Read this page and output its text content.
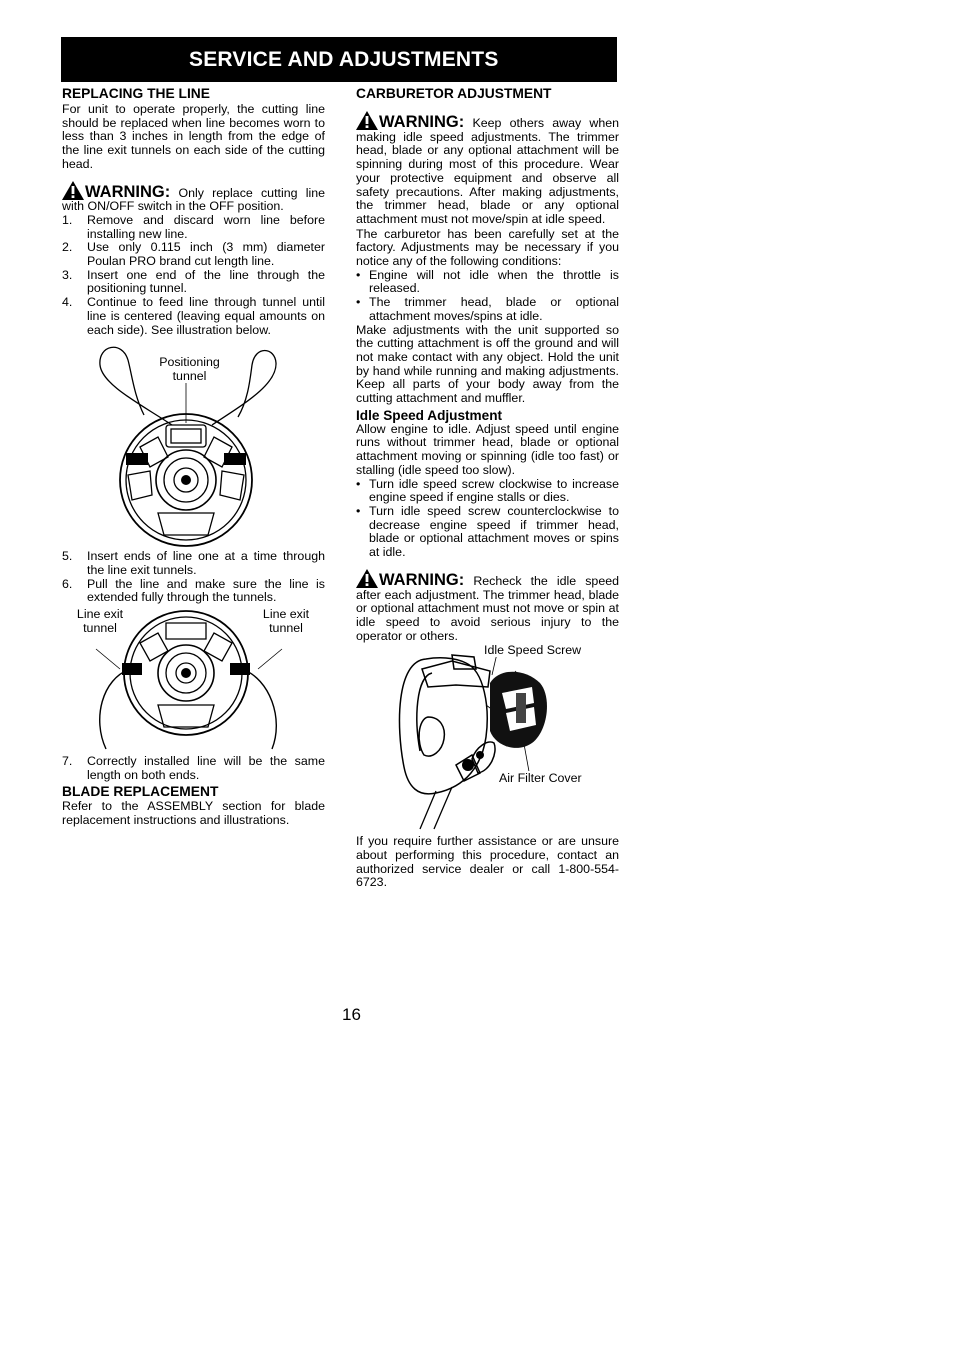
SERVICE AND ADJUSTMENTS
REPLACING THE LINE

For unit to operate properly, the cutting line should be replaced when line becomes worn to less than 3 inches in length from the edge of the line exit tunnels on each side of the cutting head.

WARNING: Only replace cutting line with ON/OFF switch in the OFF position.

1. Remove and discard worn line before installing new line.
2. Use only 0.115 inch (3 mm) diameter Poulan PRO brand cut length line.
3. Insert one end of the line through the positioning tunnel.
4. Continue to feed line through tunnel until line is centered (leaving equal amounts on each side). See illustration below.
Positioning tunnel
5. Insert ends of line one at a time through the line exit tunnels.
6. Pull the line and make sure the line is extended fully through the tunnels.
Line exit tunnel
Line exit tunnel
7. Correctly installed line will be the same length on both ends.
BLADE REPLACEMENT

Refer to the ASSEMBLY section for blade replacement instructions and illustrations.

CARBURETOR ADJUSTMENT

WARNING: Keep others away when making idle speed adjustments. The trimmer head, blade or any optional attachment will be spinning during most of this procedure. Wear your protective equipment and observe all safety precautions. After making adjustments, the trimmer head, blade or any optional attachment must not move/spin at idle speed.

The carburetor has been carefully set at the factory. Adjustments may be necessary if you notice any of the following conditions:

• Engine will not idle when the throttle is released.
• The trimmer head, blade or optional attachment moves/spins at idle.

Make adjustments with the unit supported so the cutting attachment is off the ground and will not make contact with any object. Hold the unit by hand while running and making adjustments. Keep all parts of your body away from the cutting attachment and muffler.

Idle Speed Adjustment

Allow engine to idle. Adjust speed until engine runs without trimmer head, blade or optional attachment moving or spinning (idle too fast) or stalling (idle speed too slow).

• Turn idle speed screw clockwise to increase engine speed if engine stalls or dies.
• Turn idle speed screw counterclockwise to decrease engine speed if trimmer head, blade or optional attachment moves or spins at idle.

WARNING: Recheck the idle speed after each adjustment. The trimmer head, blade or optional attachment must not move or spin at idle speed to avoid serious injury to the operator or others.

Idle Speed Screw
Air Filter Cover

If you require further assistance or are unsure about performing this procedure, contact an authorized service dealer or call 1-800-554-6723.

16
